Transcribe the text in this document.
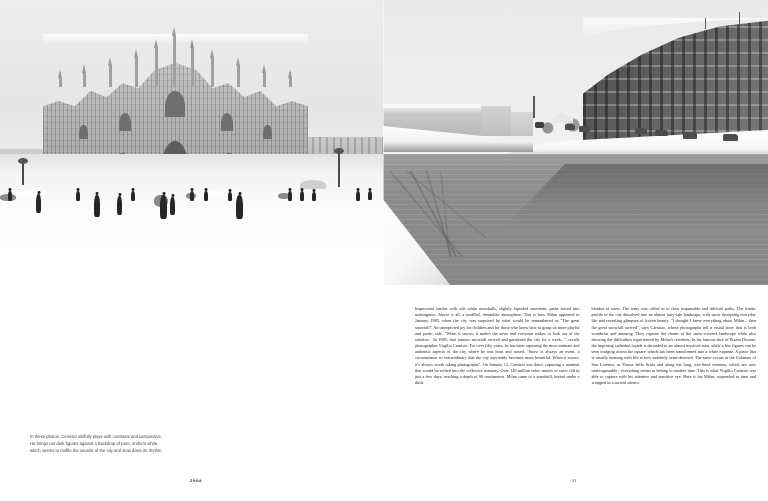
In these photos, Cernisio skilfully plays with contrasts and perspective.

He brings out dark figures against a backdrop of pure, uniform white,

which seems to muffle the sounds of the city and slow down its rhythm.

Improvised battles with soft white snowballs, slightly lopsided snowmen, paths traced into nothingness. Above it all, a muffled, dreamlike atmosphere. This is how Milan appeared in January 1985, when the city was surprised by what would be remembered as "The great snowfall". An unexpected joy for children and for those who knew how to grasp its more playful and poetic side. "When it snows, it makes the news and everyone rushes to look out of the window... In 1985, that famous snowfall arrived and paralysed the city for a week...", recalls photographer Virgilio Carnisio. For over fifty years, he has been capturing the most intimate and authentic aspects of the city where he was born and raised. "Snow is always an event, a circumstance so extraordinary that the city inevitably becomes more beautiful. When it snows, it's always worth taking photographs". On January 12, Carnisio was there, capturing a moment that would be etched into the collective memory. Over 140 million cubic metres of snow fell in just a few days, reaching a depth of 90 centimetres. Milan came to a standstill, buried under a thick

blanket of snow. The army was called in to clear impassable and difficult paths. The frantic profile of the city dissolved into an almost fairy-tale landscape, with snow disrupting everyday life and revealing glimpses of frozen beauty. "I thought I knew everything about Milan... then the great snowfall arrived", says Carnisio, whose photographs tell a visual story that is both wondrous and amusing. They capture the charm of the snow-covered landscape while also showing the difficulties experienced by Milan's residents. In his famous shot of Piazza Duomo, the imposing cathedral façade is shrouded in an almost mystical aura, while a few figures can be seen trudging across the square, which has been transformed into a white expanse. A place that is usually teeming with life is now suddenly semi-deserted. The same occurs at the Columns of San Lorenzo, in Piazza della Scala and along the long, tree-lined avenues, which are now unrecognisable - everything seems to belong to another time. This is what Virgilio Carnisio was able to capture with his attentive and sensitive eye. Here is his Milan, suspended in time and wrapped in a surreal silence.

zona	31
